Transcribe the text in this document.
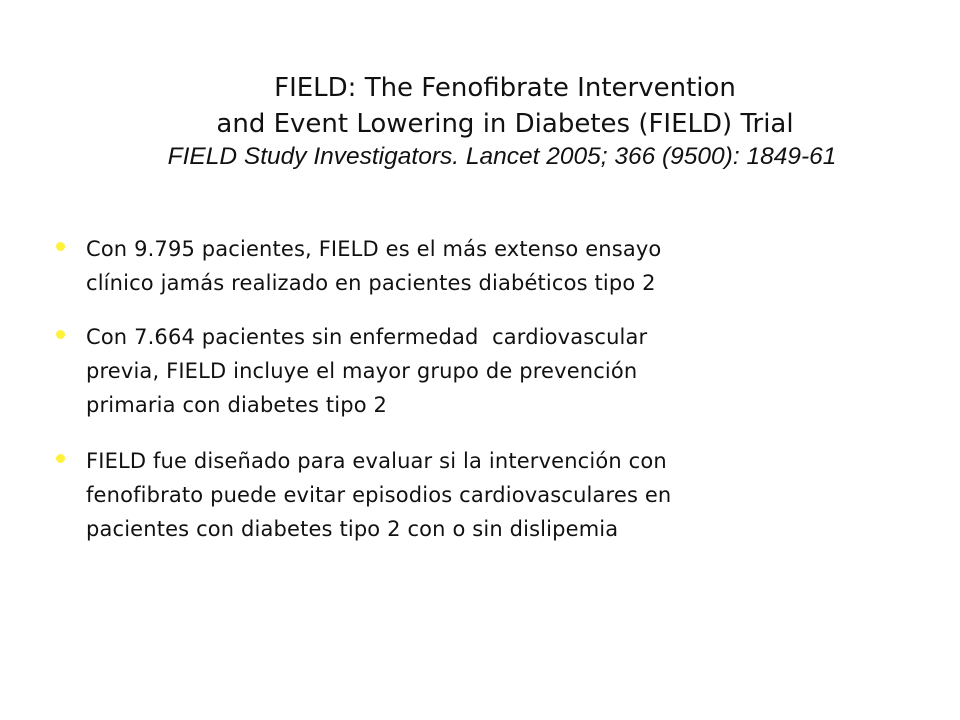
FIELD: The Fenofibrate Intervention
and Event Lowering in Diabetes (FIELD) Trial
FIELD Study Investigators. Lancet 2005; 366 (9500): 1849-61
Con 9.795 pacientes, FIELD es el más extenso ensayo
clínico jamás realizado en pacientes diabéticos tipo 2
Con 7.664 pacientes sin enfermedad  cardiovascular
previa, FIELD incluye el mayor grupo de prevención
primaria con diabetes tipo 2
FIELD fue diseñado para evaluar si la intervención con
fenofibrato puede evitar episodios cardiovasculares en
pacientes con diabetes tipo 2 con o sin dislipemia
